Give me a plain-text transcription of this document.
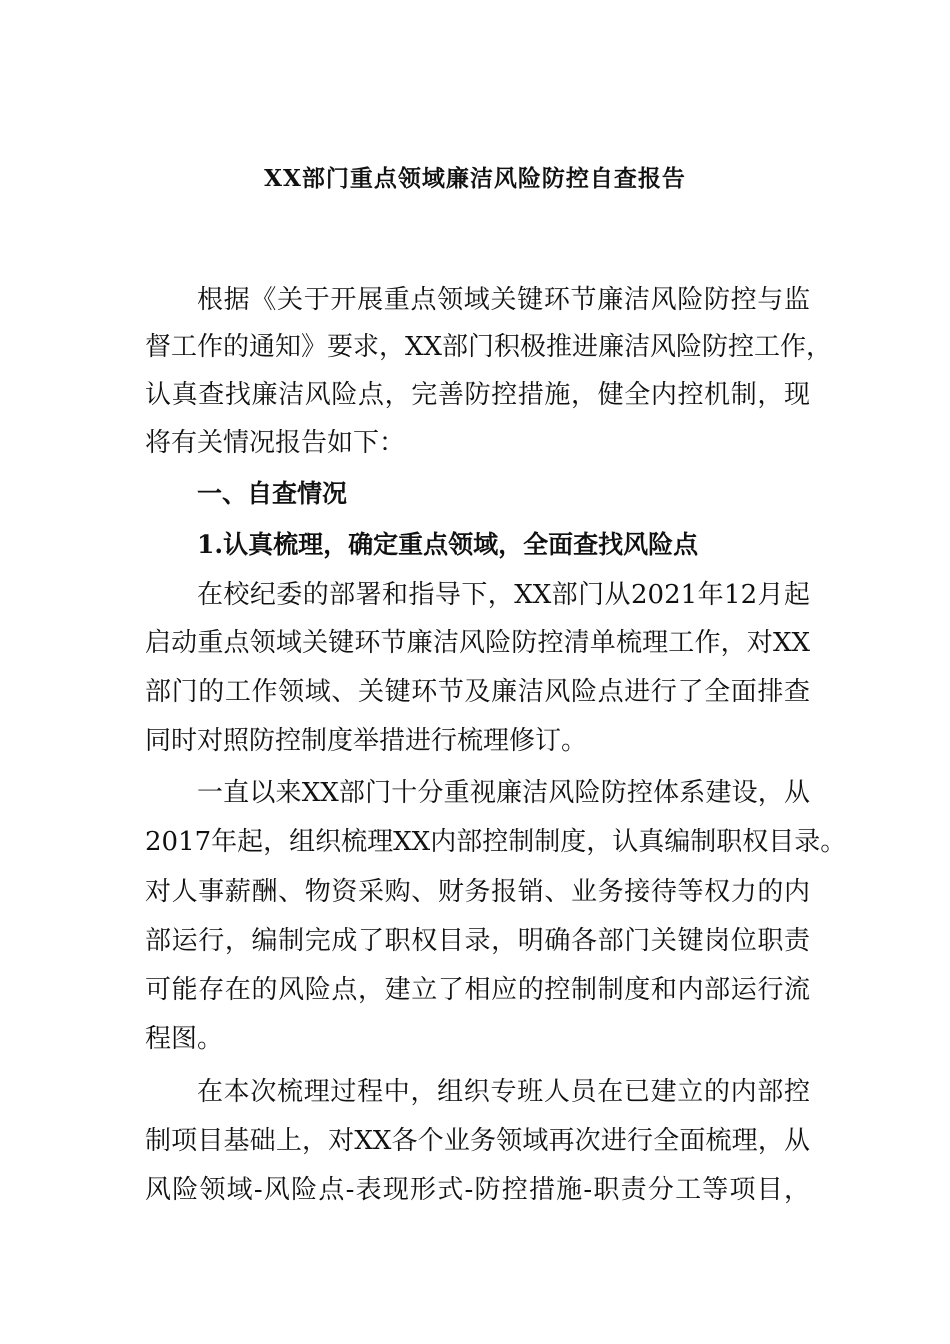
XX部门重点领域廉洁风险防控自查报告
根据《关于开展重点领域关键环节廉洁风险防控与监
督工作的通知》要求，XX部门积极推进廉洁风险防控工作，
认真查找廉洁风险点，完善防控措施，健全内控机制，现
将有关情况报告如下：
一、自查情况
1.认真梳理，确定重点领域，全面查找风险点
在校纪委的部署和指导下，XX部门从2021年12月起
启动重点领域关键环节廉洁风险防控清单梳理工作，对XX
部门的工作领域、关键环节及廉洁风险点进行了全面排查
同时对照防控制度举措进行梳理修订。
一直以来XX部门十分重视廉洁风险防控体系建设，从
2017年起，组织梳理XX内部控制制度，认真编制职权目录。
对人事薪酬、物资采购、财务报销、业务接待等权力的内
部运行，编制完成了职权目录，明确各部门关键岗位职责
可能存在的风险点，建立了相应的控制制度和内部运行流
程图。
在本次梳理过程中，组织专班人员在已建立的内部控
制项目基础上，对XX各个业务领域再次进行全面梳理，从
风险领域-风险点-表现形式-防控措施-职责分工等项目，
